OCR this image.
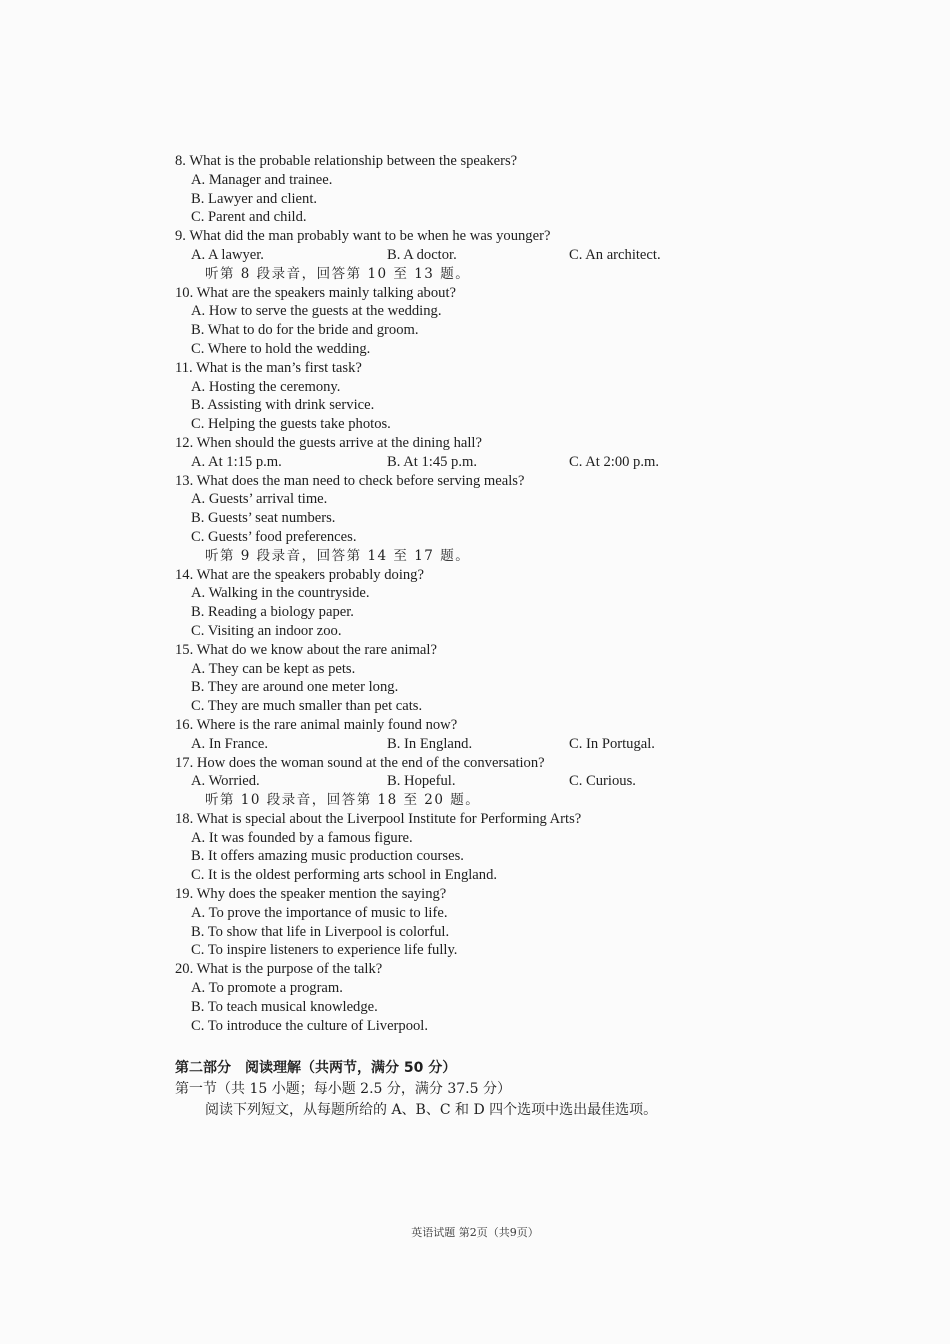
8. What is the probable relationship between the speakers?
A. Manager and trainee.
B. Lawyer and client.
C. Parent and child.
9. What did the man probably want to be when he was younger?
A. A lawyer.	B. A doctor.	C. An architect.
听第 8 段录音，回答第 10 至 13 题。
10. What are the speakers mainly talking about?
A. How to serve the guests at the wedding.
B. What to do for the bride and groom.
C. Where to hold the wedding.
11. What is the man’s first task?
A. Hosting the ceremony.
B. Assisting with drink service.
C. Helping the guests take photos.
12. When should the guests arrive at the dining hall?
A. At 1:15 p.m.	B. At 1:45 p.m.	C. At 2:00 p.m.
13. What does the man need to check before serving meals?
A. Guests’ arrival time.
B. Guests’ seat numbers.
C. Guests’ food preferences.
听第 9 段录音，回答第 14 至 17 题。
14. What are the speakers probably doing?
A. Walking in the countryside.
B. Reading a biology paper.
C. Visiting an indoor zoo.
15. What do we know about the rare animal?
A. They can be kept as pets.
B. They are around one meter long.
C. They are much smaller than pet cats.
16. Where is the rare animal mainly found now?
A. In France.	B. In England.	C. In Portugal.
17. How does the woman sound at the end of the conversation?
A. Worried.	B. Hopeful.	C. Curious.
听第 10 段录音，回答第 18 至 20 题。
18. What is special about the Liverpool Institute for Performing Arts?
A. It was founded by a famous figure.
B. It offers amazing music production courses.
C. It is the oldest performing arts school in England.
19. Why does the speaker mention the saying?
A. To prove the importance of music to life.
B. To show that life in Liverpool is colorful.
C. To inspire listeners to experience life fully.
20. What is the purpose of the talk?
A. To promote a program.
B. To teach musical knowledge.
C. To introduce the culture of Liverpool.
第二部分　阅读理解（共两节，满分 50 分）
第一节（共 15 小题；每小题 2.5 分，满分 37.5 分）
阅读下列短文，从每题所给的 A、B、C 和 D 四个选项中选出最佳选项。
英语试题 第2页（共9页）
